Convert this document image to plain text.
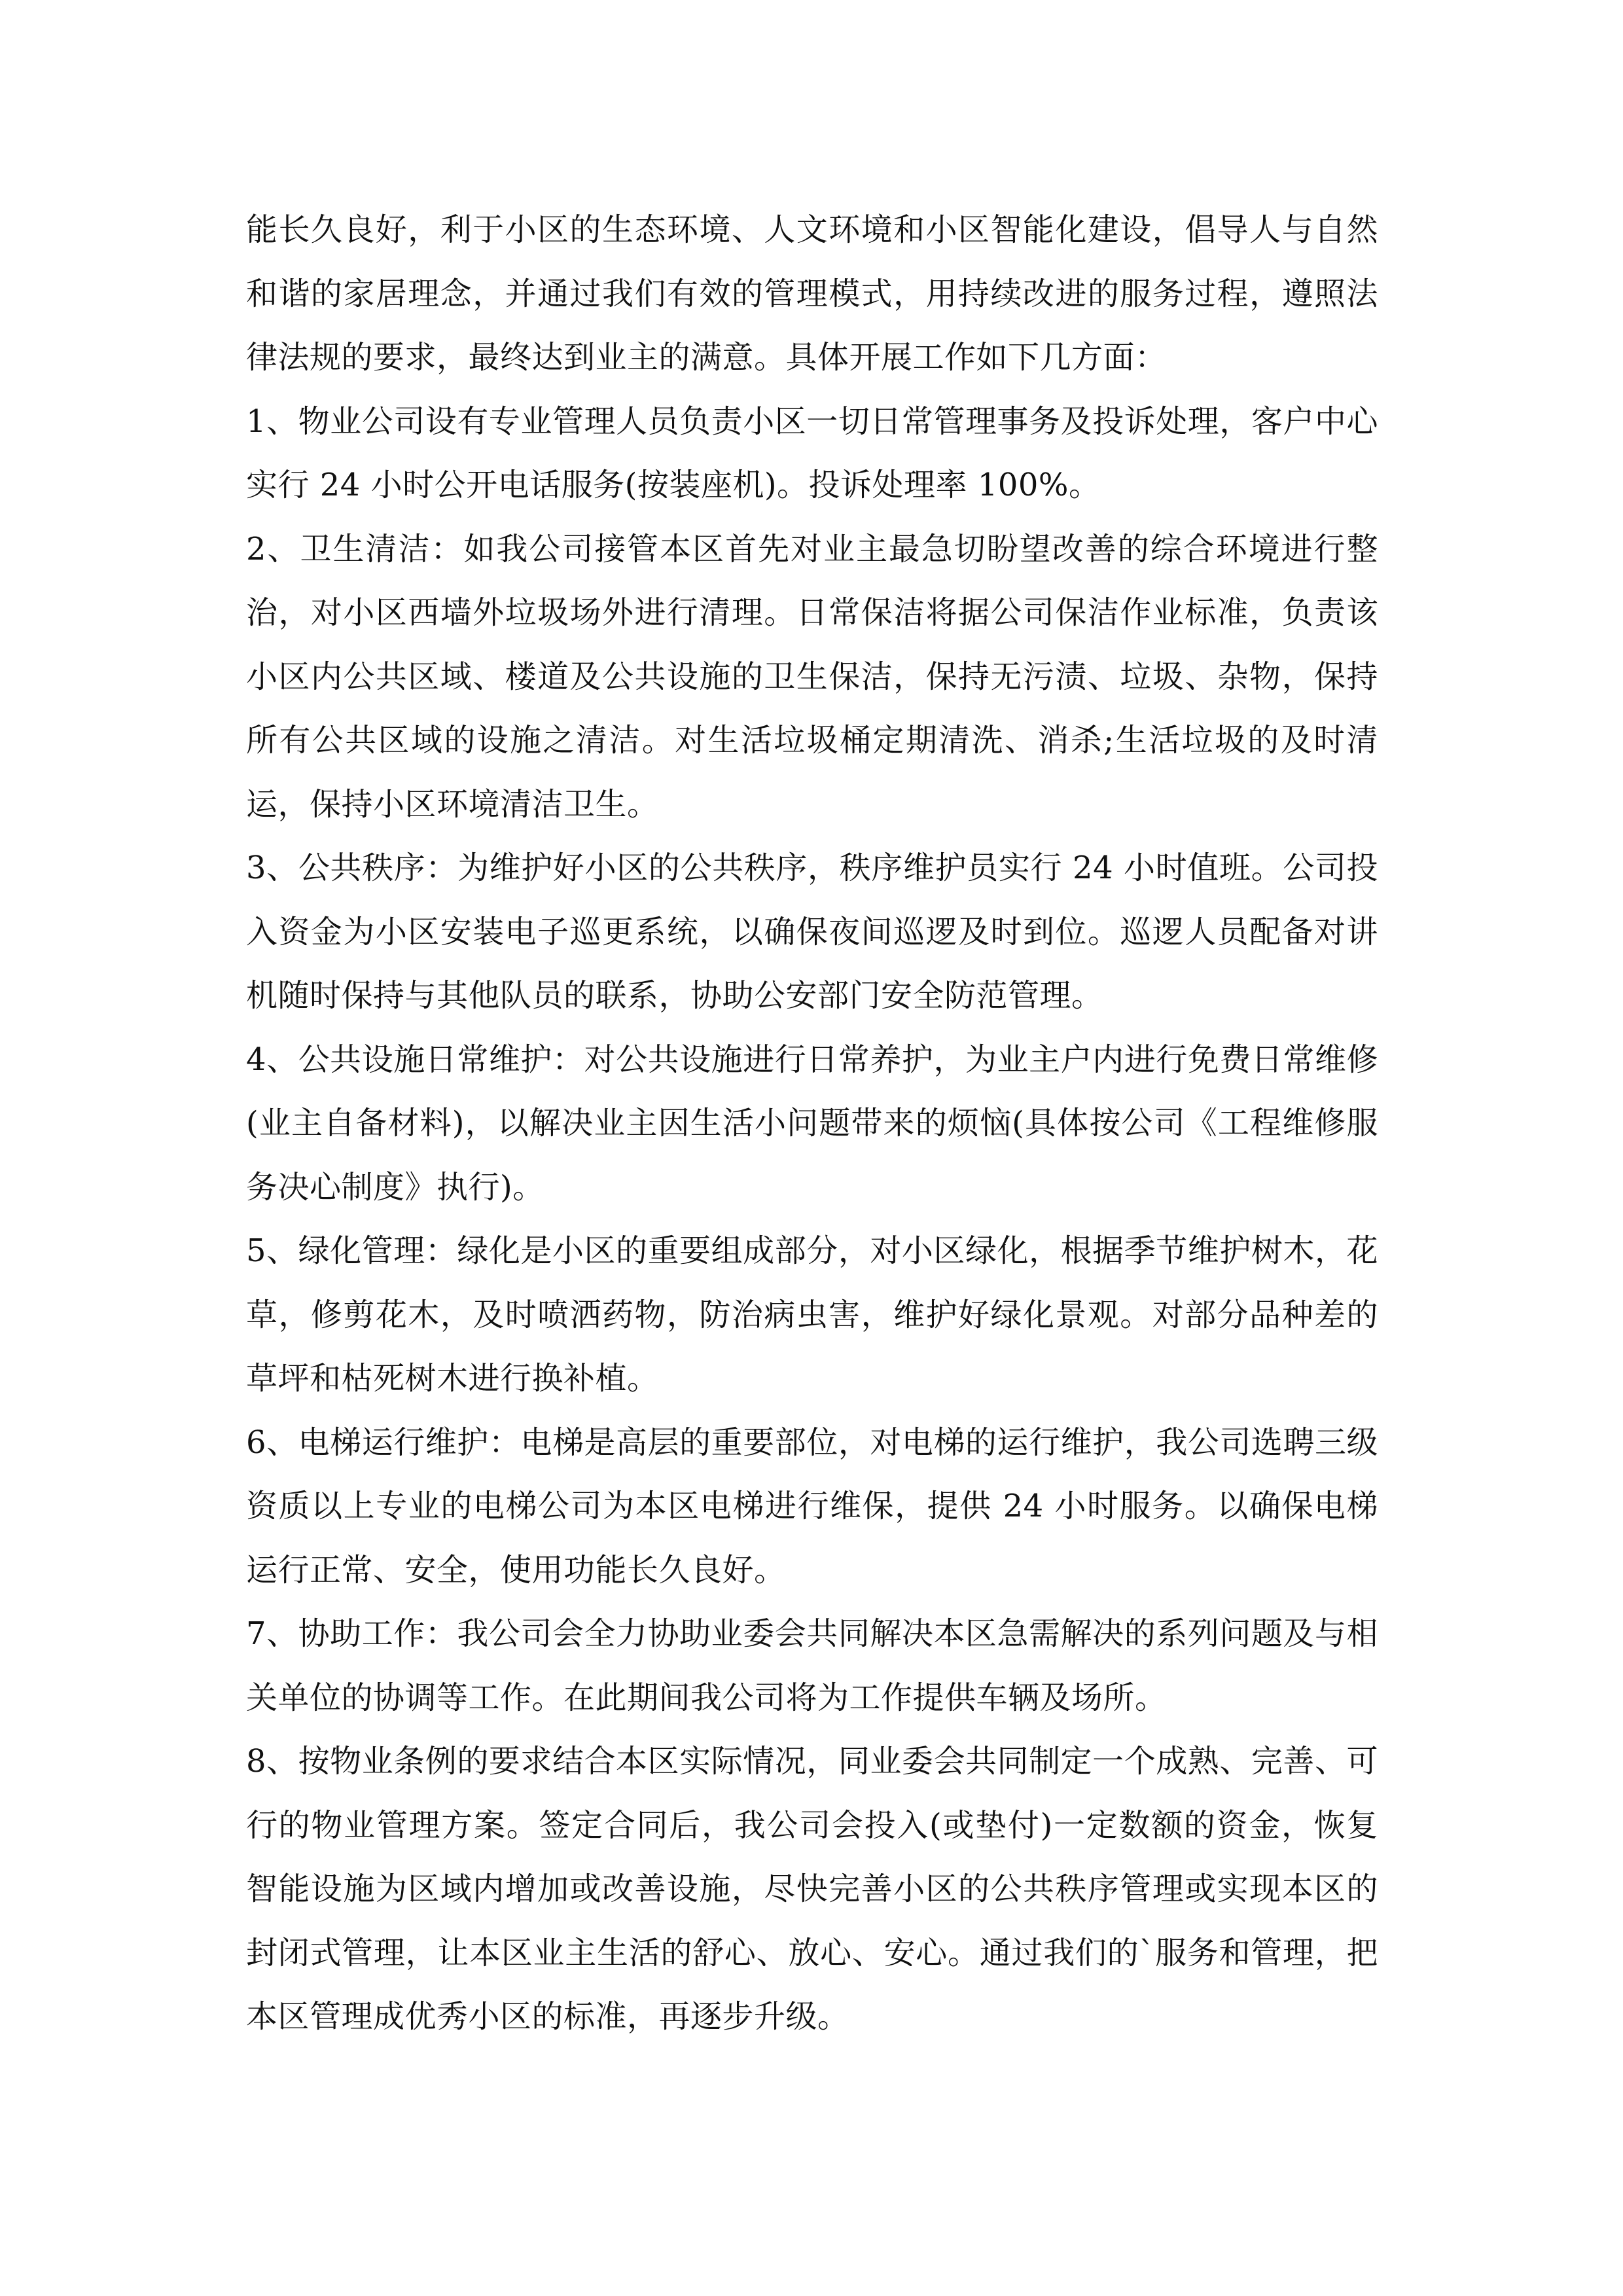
能长久良好，利于小区的生态环境、人文环境和小区智能化建设，倡导人与自然和谐的家居理念，并通过我们有效的管理模式，用持续改进的服务过程，遵照法律法规的要求，最终达到业主的满意。具体开展工作如下几方面：

1、物业公司设有专业管理人员负责小区一切日常管理事务及投诉处理，客户中心实行 24 小时公开电话服务(按装座机)。投诉处理率 100%。

2、卫生清洁：如我公司接管本区首先对业主最急切盼望改善的综合环境进行整治，对小区西墙外垃圾场外进行清理。日常保洁将据公司保洁作业标准，负责该小区内公共区域、楼道及公共设施的卫生保洁，保持无污渍、垃圾、杂物，保持所有公共区域的设施之清洁。对生活垃圾桶定期清洗、消杀;生活垃圾的及时清运，保持小区环境清洁卫生。

3、公共秩序：为维护好小区的公共秩序，秩序维护员实行 24 小时值班。公司投入资金为小区安装电子巡更系统，以确保夜间巡逻及时到位。巡逻人员配备对讲机随时保持与其他队员的联系，协助公安部门安全防范管理。

4、公共设施日常维护：对公共设施进行日常养护，为业主户内进行免费日常维修(业主自备材料)，以解决业主因生活小问题带来的烦恼(具体按公司《工程维修服务决心制度》执行)。

5、绿化管理：绿化是小区的重要组成部分，对小区绿化，根据季节维护树木，花草，修剪花木，及时喷洒药物，防治病虫害，维护好绿化景观。对部分品种差的草坪和枯死树木进行换补植。

6、电梯运行维护：电梯是高层的重要部位，对电梯的运行维护，我公司选聘三级资质以上专业的电梯公司为本区电梯进行维保，提供 24 小时服务。以确保电梯运行正常、安全，使用功能长久良好。

7、协助工作：我公司会全力协助业委会共同解决本区急需解决的系列问题及与相关单位的协调等工作。在此期间我公司将为工作提供车辆及场所。

8、按物业条例的要求结合本区实际情况，同业委会共同制定一个成熟、完善、可行的物业管理方案。签定合同后，我公司会投入(或垫付)一定数额的资金，恢复智能设施为区域内增加或改善设施，尽快完善小区的公共秩序管理或实现本区的封闭式管理，让本区业主生活的舒心、放心、安心。通过我们的`服务和管理，把本区管理成优秀小区的标准，再逐步升级。
